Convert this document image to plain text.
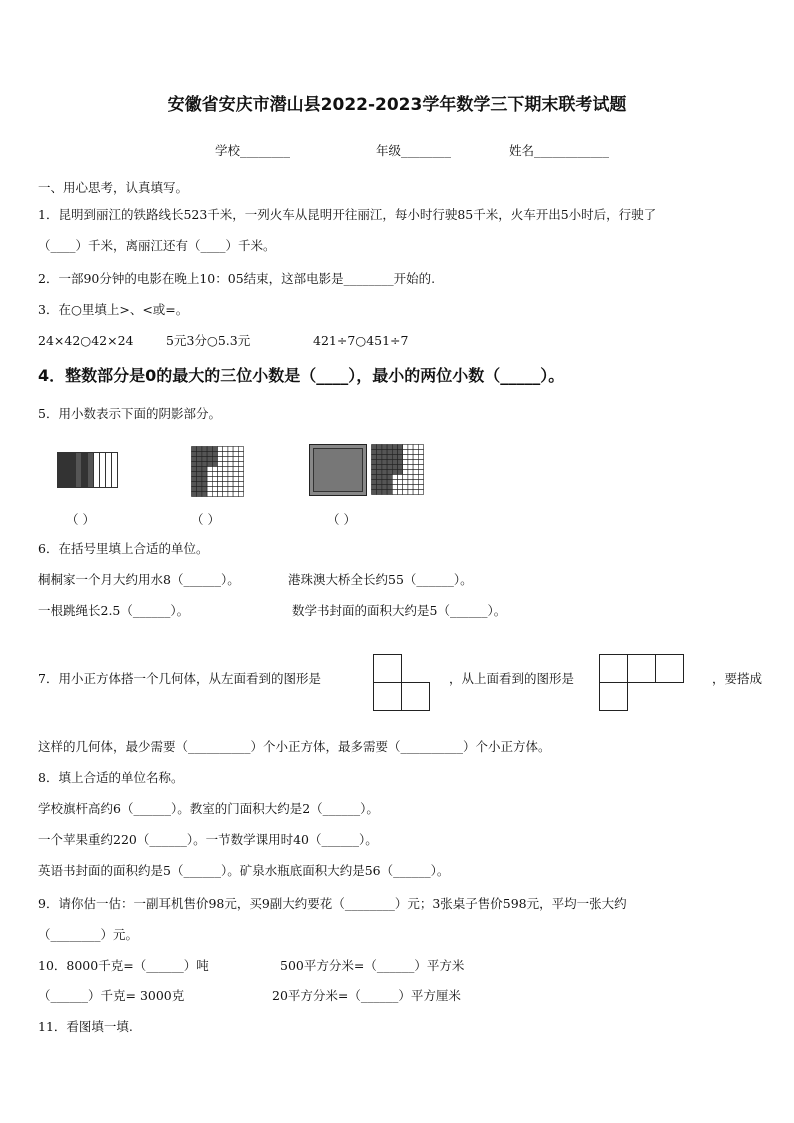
安徽省安庆市潜山县2022-2023学年数学三下期末联考试题
学校________	年级________	姓名____________
一、用心思考，认真填写。
1．昆明到丽江的铁路线长523千米，一列火车从昆明开往丽江，每小时行驶85千米，火车开出5小时后，行驶了
（____）千米，离丽江还有（____）千米。
2．一部90分钟的电影在晚上10：05结束，这部电影是________开始的.
3．在○里填上>、<或=。
24×42○42×24	5元3分○5.3元	421÷7○451÷7
4．整数部分是0的最大的三位小数是（____），最小的两位小数（_____）。
5．用小数表示下面的阴影部分。
（ ）	（ ）	（ ）
6．在括号里填上合适的单位。
桐桐家一个月大约用水8（______）。	港珠澳大桥全长约55（______）。
一根跳绳长2.5（______）。	数学书封面的面积大约是5（______）。
7．用小正方体搭一个几何体，从左面看到的图形是	，从上面看到的图形是	，要搭成
这样的几何体，最少需要（__________）个小正方体，最多需要（__________）个小正方体。
8．填上合适的单位名称。
学校旗杆高约6（______）。教室的门面积大约是2（______）。
一个苹果重约220（______）。一节数学课用时40（______）。
英语书封面的面积约是5（______）。矿泉水瓶底面积大约是56（______）。
9．请你估一估：一副耳机售价98元，买9副大约要花（________）元；3张桌子售价598元，平均一张大约
（________）元。
10．8000千克=（______）吨	500平方分米=（______）平方米
（______）千克= 3000克	20平方分米=（______）平方厘米
11．看图填一填.
